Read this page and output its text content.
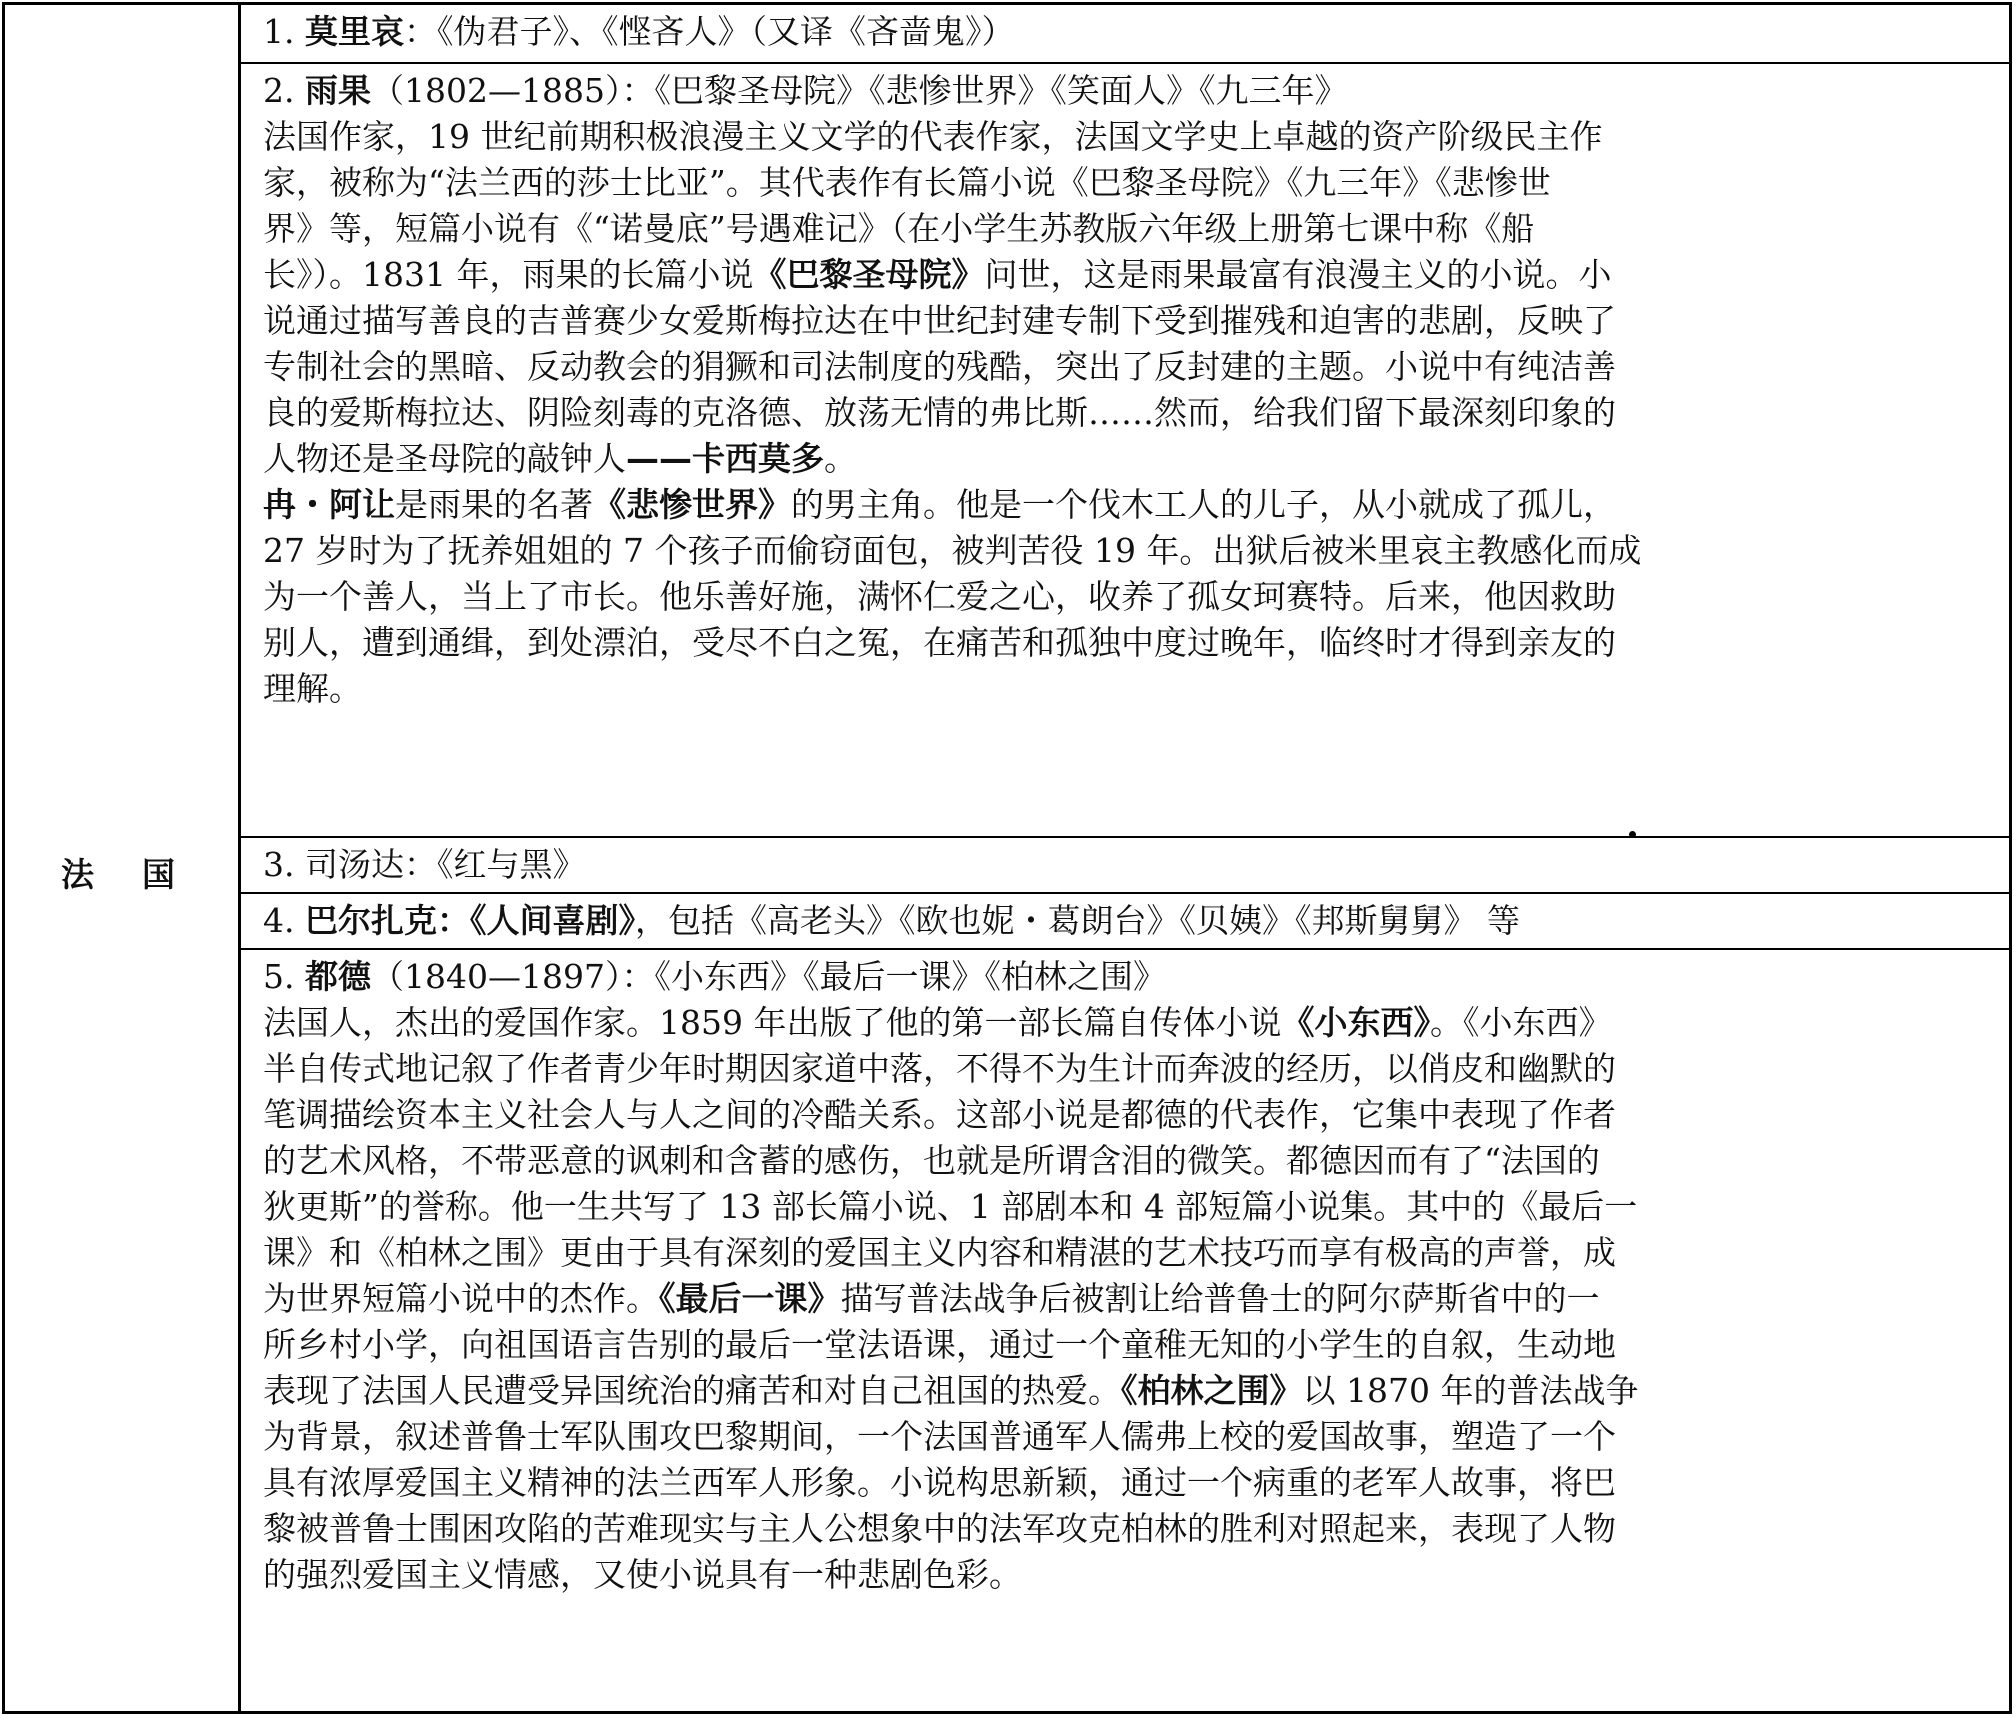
法国
1. 莫里哀：《伪君子》、《悭吝人》（又译《吝啬鬼》）
2. 雨果（1802—1885）：《巴黎圣母院》《悲惨世界》《笑面人》《九三年》
法国作家，19 世纪前期积极浪漫主义文学的代表作家，法国文学史上卓越的资产阶级民主作
家，被称为“法兰西的莎士比亚”。其代表作有长篇小说《巴黎圣母院》《九三年》《悲惨世
界》等，短篇小说有《“诺曼底”号遇难记》（在小学生苏教版六年级上册第七课中称《船
长》）。1831 年，雨果的长篇小说《巴黎圣母院》问世，这是雨果最富有浪漫主义的小说。小
说通过描写善良的吉普赛少女爱斯梅拉达在中世纪封建专制下受到摧残和迫害的悲剧，反映了
专制社会的黑暗、反动教会的狷獗和司法制度的残酷，突出了反封建的主题。小说中有纯洁善
良的爱斯梅拉达、阴险刻毒的克洛德、放荡无情的弗比斯……然而，给我们留下最深刻印象的
人物还是圣母院的敲钟人——卡西莫多。
冉・阿让是雨果的名著《悲惨世界》的男主角。他是一个伐木工人的儿子，从小就成了孤儿，
27 岁时为了抚养姐姐的 7 个孩子而偷窃面包，被判苦役 19 年。出狱后被米里哀主教感化而成
为一个善人，当上了市长。他乐善好施，满怀仁爱之心，收养了孤女珂赛特。后来，他因救助
别人，遭到通缉，到处漂泊，受尽不白之冤，在痛苦和孤独中度过晚年，临终时才得到亲友的
理解。
3. 司汤达：《红与黑》
4. 巴尔扎克：《人间喜剧》，包括《高老头》《欧也妮・葛朗台》《贝姨》《邦斯舅舅》 等
5. 都德（1840—1897）：《小东西》《最后一课》《柏林之围》
法国人，杰出的爱国作家。1859 年出版了他的第一部长篇自传体小说《小东西》。《小东西》
半自传式地记叙了作者青少年时期因家道中落，不得不为生计而奔波的经历，以俏皮和幽默的
笔调描绘资本主义社会人与人之间的冷酷关系。这部小说是都德的代表作，它集中表现了作者
的艺术风格，不带恶意的讽刺和含蓄的感伤，也就是所谓含泪的微笑。都德因而有了“法国的
狄更斯”的誉称。他一生共写了 13 部长篇小说、1 部剧本和 4 部短篇小说集。其中的《最后一
课》和《柏林之围》更由于具有深刻的爱国主义内容和精湛的艺术技巧而享有极高的声誉，成
为世界短篇小说中的杰作。《最后一课》描写普法战争后被割让给普鲁士的阿尔萨斯省中的一
所乡村小学，向祖国语言告别的最后一堂法语课，通过一个童稚无知的小学生的自叙，生动地
表现了法国人民遭受异国统治的痛苦和对自己祖国的热爱。《柏林之围》以 1870 年的普法战争
为背景，叙述普鲁士军队围攻巴黎期间，一个法国普通军人儒弗上校的爱国故事，塑造了一个
具有浓厚爱国主义精神的法兰西军人形象。小说构思新颖，通过一个病重的老军人故事，将巴
黎被普鲁士围困攻陷的苦难现实与主人公想象中的法军攻克柏林的胜利对照起来，表现了人物
的强烈爱国主义情感，又使小说具有一种悲剧色彩。
